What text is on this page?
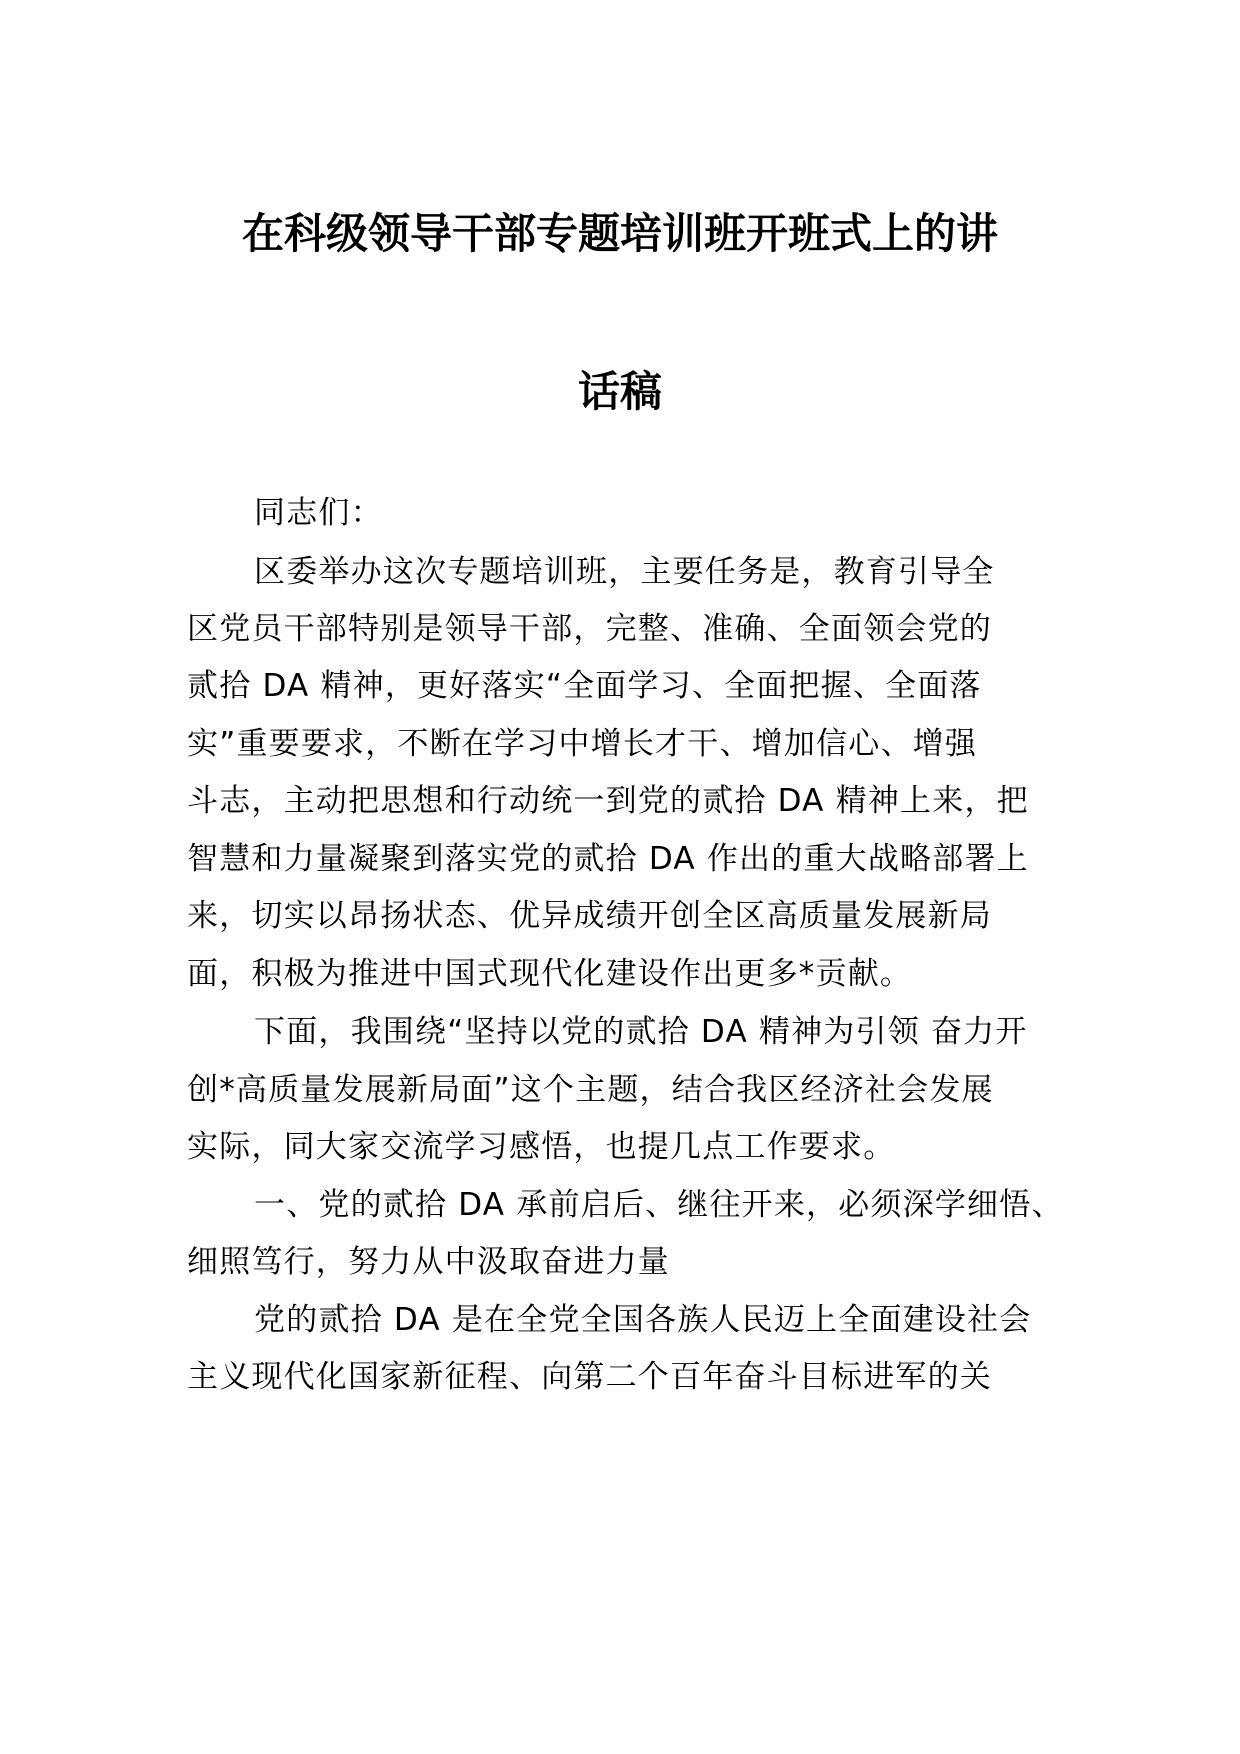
在科级领导干部专题培训班开班式上的讲
话稿
同志们：
区委举办这次专题培训班，主要任务是，教育引导全
区党员干部特别是领导干部，完整、准确、全面领会党的
贰拾 DA 精神，更好落实“全面学习、全面把握、全面落
实”重要要求，不断在学习中增长才干、增加信心、增强
斗志，主动把思想和行动统一到党的贰拾 DA 精神上来，把
智慧和力量凝聚到落实党的贰拾 DA 作出的重大战略部署上
来，切实以昂扬状态、优异成绩开创全区高质量发展新局
面，积极为推进中国式现代化建设作出更多*贡献。
下面，我围绕“坚持以党的贰拾 DA 精神为引领 奋力开
创*高质量发展新局面”这个主题，结合我区经济社会发展
实际，同大家交流学习感悟，也提几点工作要求。
一、党的贰拾 DA 承前启后、继往开来，必须深学细悟、
细照笃行，努力从中汲取奋进力量
党的贰拾 DA 是在全党全国各族人民迈上全面建设社会
主义现代化国家新征程、向第二个百年奋斗目标进军的关
